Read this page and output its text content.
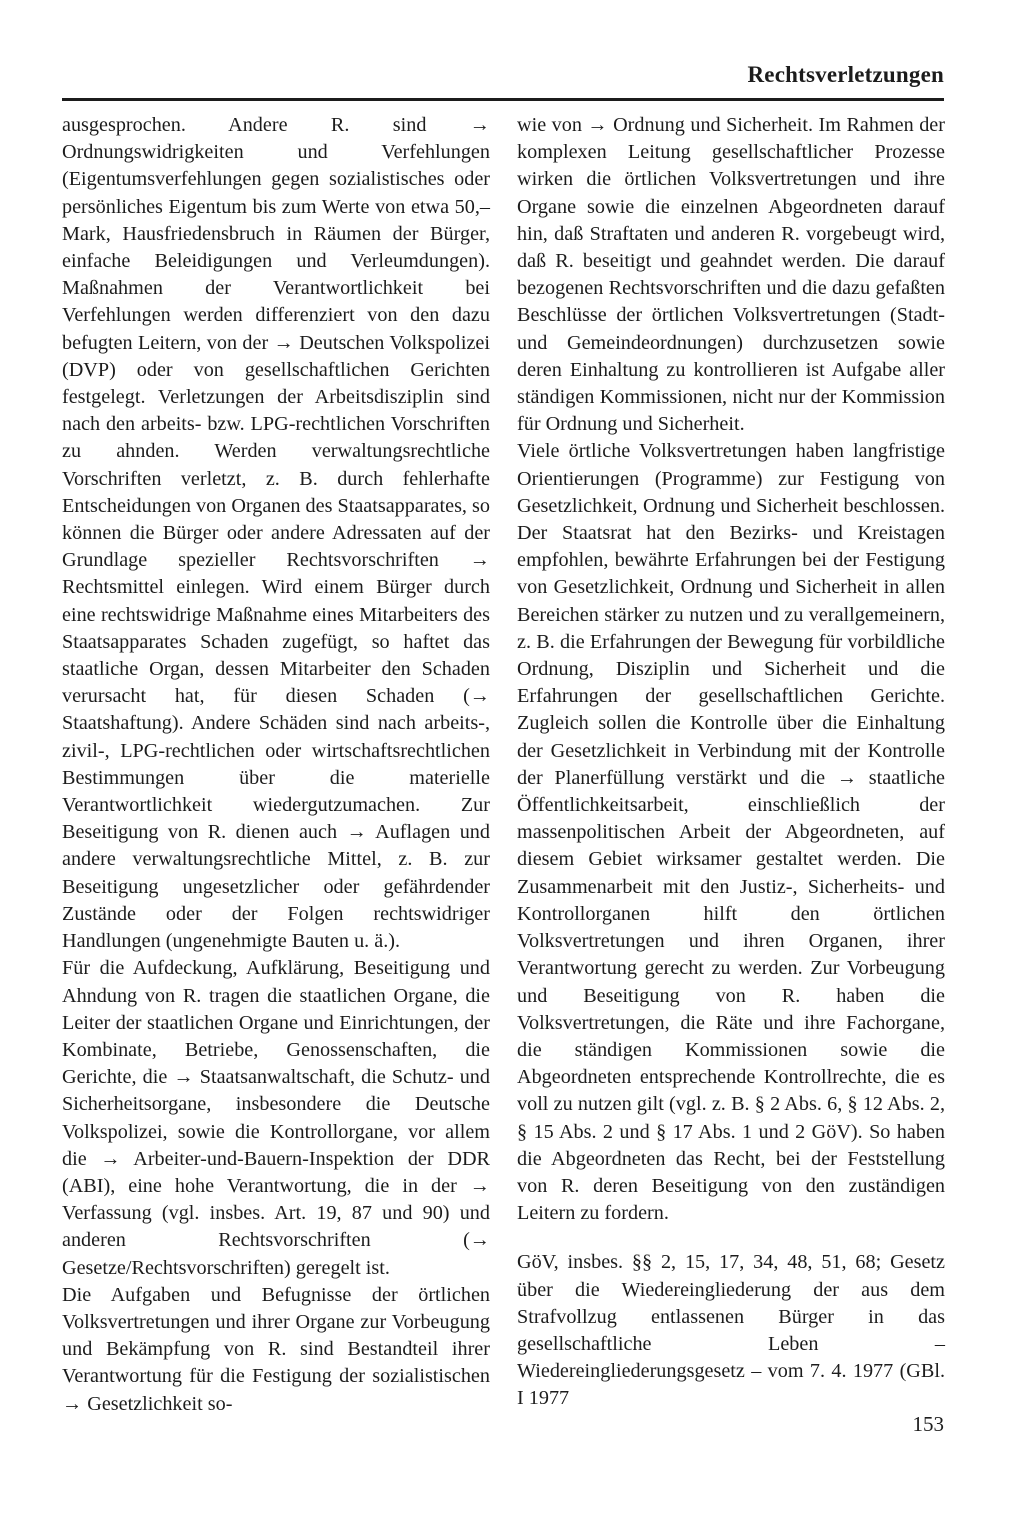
Rechtsverletzungen

ausgesprochen. Andere R. sind → Ordnungswidrigkeiten und Verfehlungen (Eigentumsverfehlungen gegen sozialistisches oder persönliches Eigentum bis zum Werte von etwa 50,– Mark, Hausfriedensbruch in Räumen der Bürger, einfache Beleidigungen und Verleumdungen). Maßnahmen der Verantwortlichkeit bei Verfehlungen werden differenziert von den dazu befugten Leitern, von der → Deutschen Volkspolizei (DVP) oder von gesellschaftlichen Gerichten festgelegt. Verletzungen der Arbeitsdisziplin sind nach den arbeits- bzw. LPG-rechtlichen Vorschriften zu ahnden. Werden verwaltungsrechtliche Vorschriften verletzt, z. B. durch fehlerhafte Entscheidungen von Organen des Staatsapparates, so können die Bürger oder andere Adressaten auf der Grundlage spezieller Rechtsvorschriften → Rechtsmittel einlegen. Wird einem Bürger durch eine rechtswidrige Maßnahme eines Mitarbeiters des Staatsapparates Schaden zugefügt, so haftet das staatliche Organ, dessen Mitarbeiter den Schaden verursacht hat, für diesen Schaden (→ Staatshaftung). Andere Schäden sind nach arbeits-, zivil-, LPG-rechtlichen oder wirtschaftsrechtlichen Bestimmungen über die materielle Verantwortlichkeit wiedergutzumachen. Zur Beseitigung von R. dienen auch → Auflagen und andere verwaltungsrechtliche Mittel, z. B. zur Beseitigung ungesetzlicher oder gefährdender Zustände oder der Folgen rechtswidriger Handlungen (ungenehmigte Bauten u. ä.).

Für die Aufdeckung, Aufklärung, Beseitigung und Ahndung von R. tragen die staatlichen Organe, die Leiter der staatlichen Organe und Einrichtungen, der Kombinate, Betriebe, Genossenschaften, die Gerichte, die → Staatsanwaltschaft, die Schutz- und Sicherheitsorgane, insbesondere die Deutsche Volkspolizei, sowie die Kontrollorgane, vor allem die → Arbeiter-und-Bauern-Inspektion der DDR (ABI), eine hohe Verantwortung, die in der → Verfassung (vgl. insbes. Art. 19, 87 und 90) und anderen Rechtsvorschriften (→ Gesetze/Rechtsvorschriften) geregelt ist.

Die Aufgaben und Befugnisse der örtlichen Volksvertretungen und ihrer Organe zur Vorbeugung und Bekämpfung von R. sind Bestandteil ihrer Verantwortung für die Festigung der sozialistischen → Gesetzlichkeit so-

wie von → Ordnung und Sicherheit. Im Rahmen der komplexen Leitung gesellschaftlicher Prozesse wirken die örtlichen Volksvertretungen und ihre Organe sowie die einzelnen Abgeordneten darauf hin, daß Straftaten und anderen R. vorgebeugt wird, daß R. beseitigt und geahndet werden. Die darauf bezogenen Rechtsvorschriften und die dazu gefaßten Beschlüsse der örtlichen Volksvertretungen (Stadt- und Gemeindeordnungen) durchzusetzen sowie deren Einhaltung zu kontrollieren ist Aufgabe aller ständigen Kommissionen, nicht nur der Kommission für Ordnung und Sicherheit.

Viele örtliche Volksvertretungen haben langfristige Orientierungen (Programme) zur Festigung von Gesetzlichkeit, Ordnung und Sicherheit beschlossen. Der Staatsrat hat den Bezirks- und Kreistagen empfohlen, bewährte Erfahrungen bei der Festigung von Gesetzlichkeit, Ordnung und Sicherheit in allen Bereichen stärker zu nutzen und zu verallgemeinern, z. B. die Erfahrungen der Bewegung für vorbildliche Ordnung, Disziplin und Sicherheit und die Erfahrungen der gesellschaftlichen Gerichte. Zugleich sollen die Kontrolle über die Einhaltung der Gesetzlichkeit in Verbindung mit der Kontrolle der Planerfüllung verstärkt und die → staatliche Öffentlichkeitsarbeit, einschließlich der massenpolitischen Arbeit der Abgeordneten, auf diesem Gebiet wirksamer gestaltet werden. Die Zusammenarbeit mit den Justiz-, Sicherheits- und Kontrollorganen hilft den örtlichen Volksvertretungen und ihren Organen, ihrer Verantwortung gerecht zu werden. Zur Vorbeugung und Beseitigung von R. haben die Volksvertretungen, die Räte und ihre Fachorgane, die ständigen Kommissionen sowie die Abgeordneten entsprechende Kontrollrechte, die es voll zu nutzen gilt (vgl. z. B. § 2 Abs. 6, § 12 Abs. 2, § 15 Abs. 2 und § 17 Abs. 1 und 2 GöV). So haben die Abgeordneten das Recht, bei der Feststellung von R. deren Beseitigung von den zuständigen Leitern zu fordern.

GöV, insbes. §§ 2, 15, 17, 34, 48, 51, 68; Gesetz über die Wiedereingliederung der aus dem Strafvollzug entlassenen Bürger in das gesellschaftliche Leben – Wiedereingliederungsgesetz – vom 7. 4. 1977 (GBl. I 1977

153
